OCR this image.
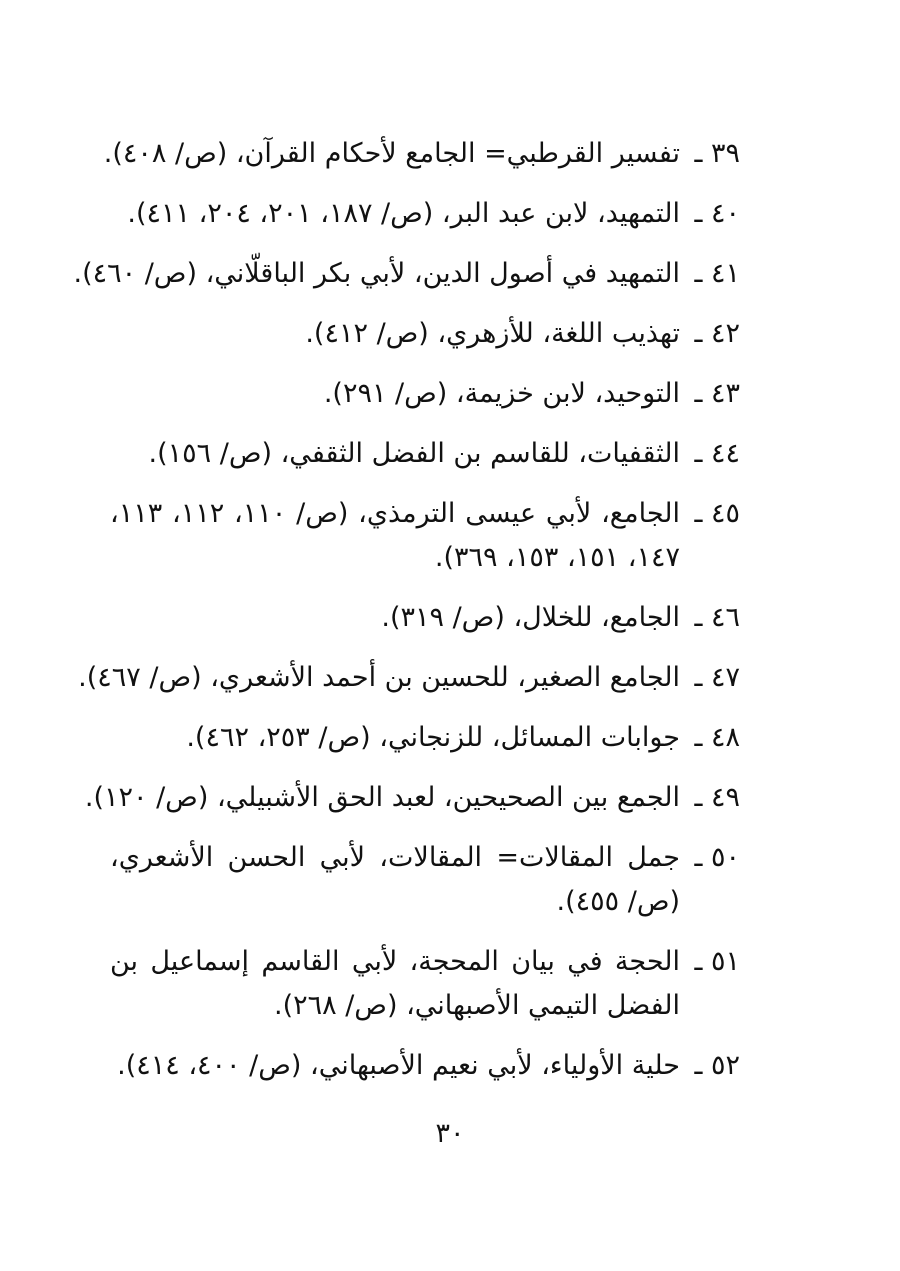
٣٩ ـ
تفسير القرطبي= الجامع لأحكام القرآن، (ص/ ٤٠٨).
٤٠ ـ
التمهيد، لابن عبد البر، (ص/ ١٨٧، ٢٠١، ٢٠٤، ٤١١).
٤١ ـ
التمهيد في أصول الدين، لأبي بكر الباقلّاني، (ص/ ٤٦٠).
٤٢ ـ
تهذيب اللغة، للأزهري، (ص/ ٤١٢).
٤٣ ـ
التوحيد، لابن خزيمة، (ص/ ٢٩١).
٤٤ ـ
الثقفيات، للقاسم بن الفضل الثقفي، (ص/ ١٥٦).
٤٥ ـ
الجامع، لأبي عيسى الترمذي، (ص/ ١١٠، ١١٢، ١١٣، ١٤٧، ١٥١، ١٥٣، ٣٦٩).
٤٦ ـ
الجامع، للخلال، (ص/ ٣١٩).
٤٧ ـ
الجامع الصغير، للحسين بن أحمد الأشعري، (ص/ ٤٦٧).
٤٨ ـ
جوابات المسائل، للزنجاني، (ص/ ٢٥٣، ٤٦٢).
٤٩ ـ
الجمع بين الصحيحين، لعبد الحق الأشبيلي، (ص/ ١٢٠).
٥٠ ـ
جمل المقالات= المقالات، لأبي الحسن الأشعري، (ص/ ٤٥٥).
٥١ ـ
الحجة في بيان المحجة، لأبي القاسم إسماعيل بن الفضل التيمي الأصبهاني، (ص/ ٢٦٨).
٥٢ ـ
حلية الأولياء، لأبي نعيم الأصبهاني، (ص/ ٤٠٠، ٤١٤).
٣٠
